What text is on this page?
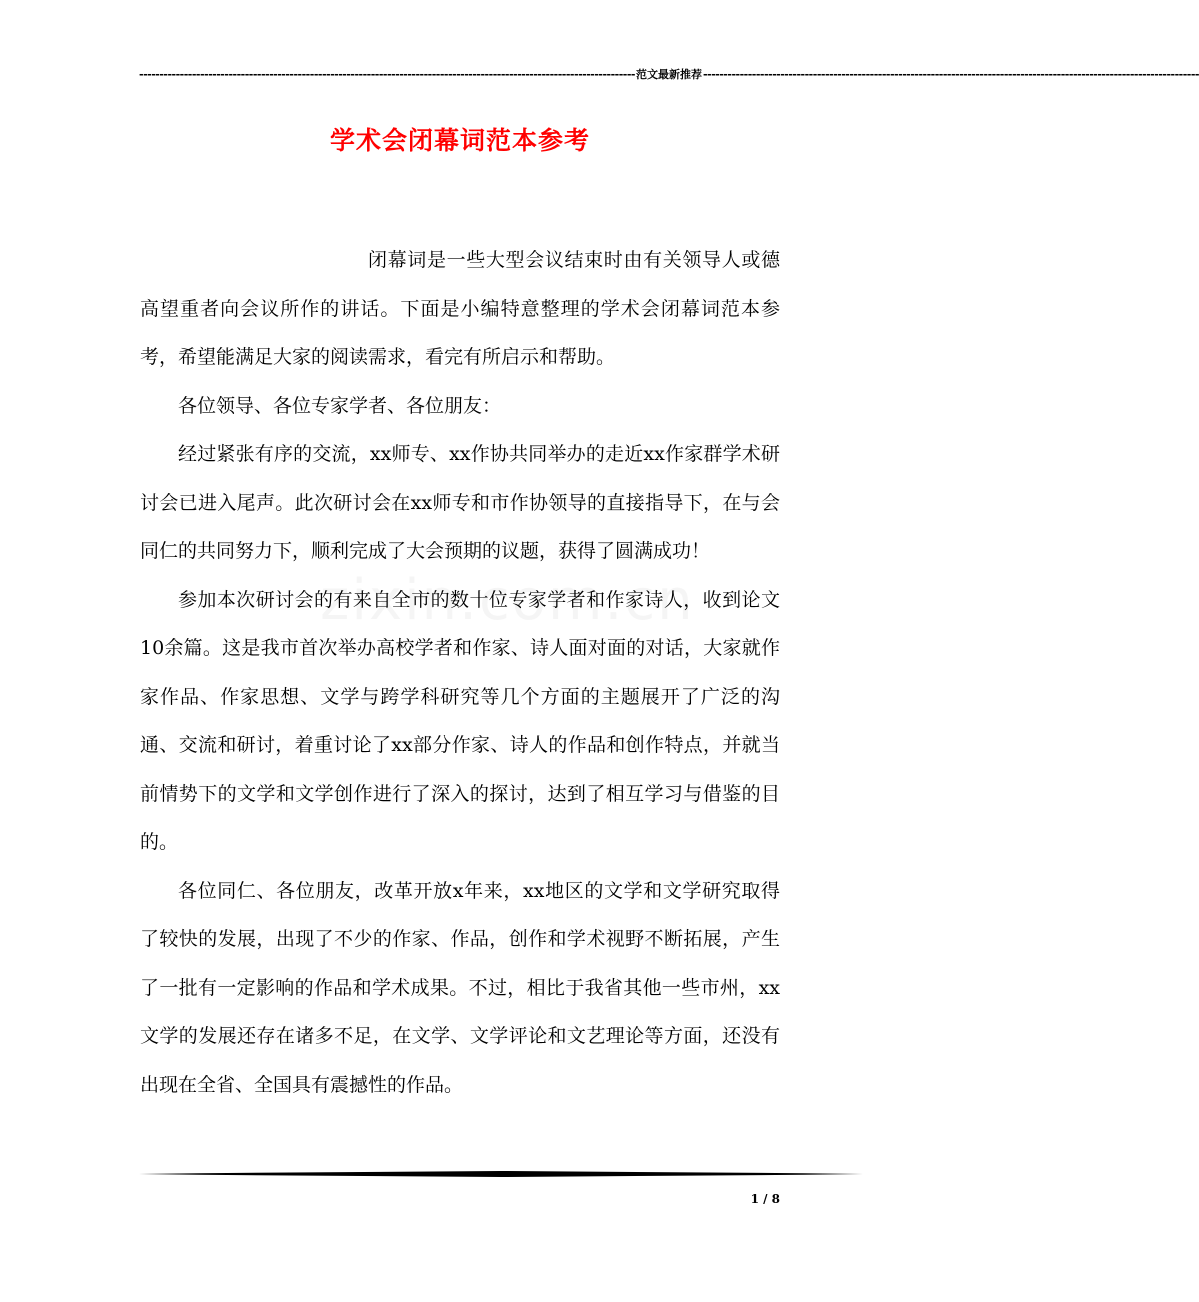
-------------------------------------------------------------------------------------------------------------------------- 范文最新推荐 --------------------------------------------------------------------------------------------------------------------------
学术会闭幕词范本参考

闭幕词是一些大型会议结束时由有关领导人或德高望重者向会议所作的讲话。下面是小编特意整理的学术会闭幕词范本参考，希望能满足大家的阅读需求，看完有所启示和帮助。

各位领导、各位专家学者、各位朋友：

经过紧张有序的交流，xx师专、xx作协共同举办的走近xx作家群学术研讨会已进入尾声。此次研讨会在xx师专和市作协领导的直接指导下，在与会同仁的共同努力下，顺利完成了大会预期的议题，获得了圆满成功！

参加本次研讨会的有来自全市的数十位专家学者和作家诗人，收到论文10余篇。这是我市首次举办高校学者和作家、诗人面对面的对话，大家就作家作品、作家思想、文学与跨学科研究等几个方面的主题展开了广泛的沟通、交流和研讨，着重讨论了xx部分作家、诗人的作品和创作特点，并就当前情势下的文学和文学创作进行了深入的探讨，达到了相互学习与借鉴的目的。

各位同仁、各位朋友，改革开放x年来，xx地区的文学和文学研究取得了较快的发展，出现了不少的作家、作品，创作和学术视野不断拓展，产生了一批有一定影响的作品和学术成果。不过，相比于我省其他一些市州，xx文学的发展还存在诸多不足，在文学、文学评论和文艺理论等方面，还没有出现在全省、全国具有震撼性的作品。

1 / 8
